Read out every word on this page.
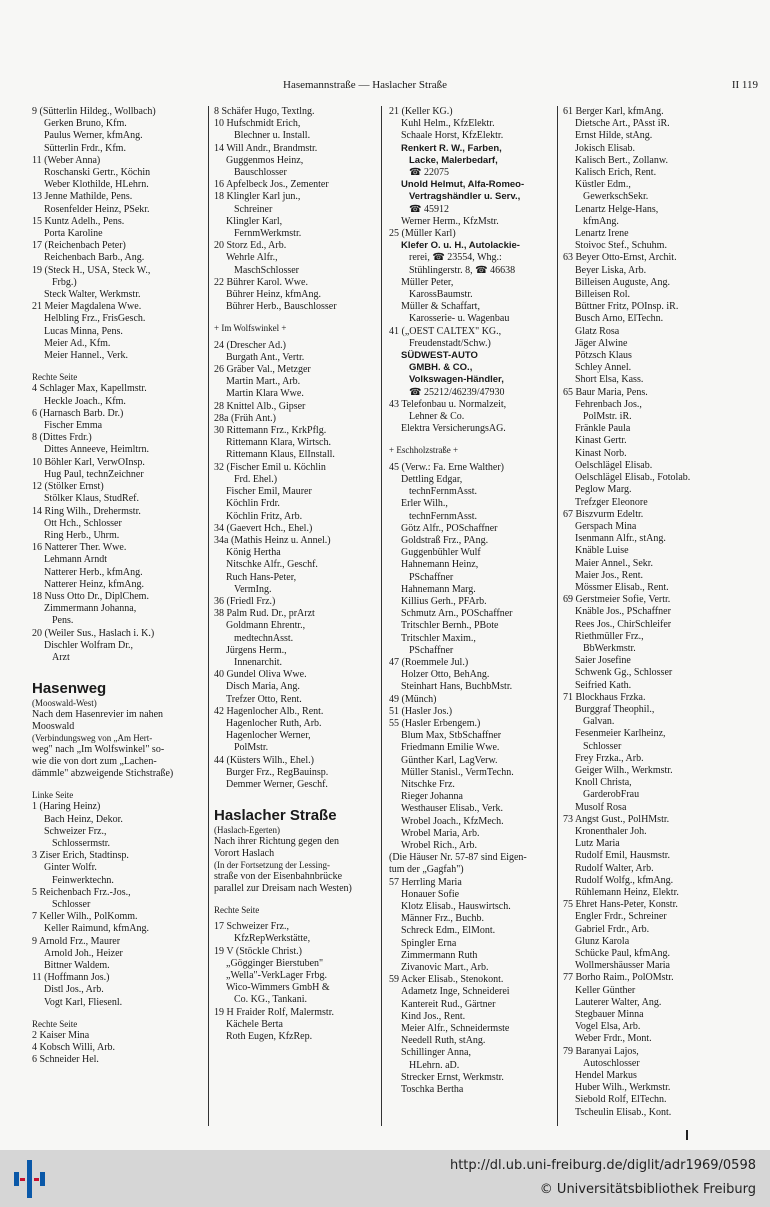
Hasemannstraße — Haslacher Straße	II 119
9 (Sütterlin Hildeg., Wollbach)
Gerken Bruno, Kfm.
Paulus Werner, kfmAng.
Sütterlin Frdr., Kfm.
11 (Weber Anna)
Roschanski Gertr., Köchin
Weber Klothilde, HLehrn.
13 Jenne Mathilde, Pens.
Rosenfelder Heinz, PSekr.
15 Kuntz Adelh., Pens.
Porta Karoline
17 (Reichenbach Peter)
Reichenbach Barb., Ang.
19 (Steck H., USA, Steck W.,
Frbg.)
Steck Walter, Werkmstr.
21 Meier Magdalena Wwe.
Helbling Frz., FrisGesch.
Lucas Minna, Pens.
Meier Ad., Kfm.
Meier Hannel., Verk.
Rechte Seite
4 Schlager Max, Kapellmstr.
Heckle Joach., Kfm.
6 (Harnasch Barb. Dr.)
Fischer Emma
8 (Dittes Frdr.)
Dittes Anneeve, Heimltrn.
10 Böhler Karl, VerwOInsp.
Hug Paul, technZeichner
12 (Stölker Ernst)
Stölker Klaus, StudRef.
14 Ring Wilh., Drehermstr.
Ott Hch., Schlosser
Ring Herb., Uhrm.
16 Natterer Ther. Wwe.
Lehmann Arndt
Natterer Herb., kfmAng.
Natterer Heinz, kfmAng.
18 Nuss Otto Dr., DiplChem.
Zimmermann Johanna,
Pens.
20 (Weiler Sus., Haslach i. K.)
Dischler Wolfram Dr.,
Arzt
Hasenweg
(Mooswald-West)
Nach dem Hasenrevier im nahen
Mooswald
(Verbindungsweg von „Am Hert-
weg" nach „Im Wolfswinkel" so-
wie die von dort zum „Lachen-
dämmle" abzweigende Stichstraße)
Linke Seite
1 (Haring Heinz)
Bach Heinz, Dekor.
Schweizer Frz.,
Schlossermstr.
3 Ziser Erich, Stadtinsp.
Ginter Wolfr.
Feinwerktechn.
5 Reichenbach Frz.-Jos.,
Schlosser
7 Keller Wilh., PolKomm.
Keller Raimund, kfmAng.
9 Arnold Frz., Maurer
Arnold Joh., Heizer
Bittner Waldem.
11 (Hoffmann Jos.)
Distl Jos., Arb.
Vogt Karl, Fliesenl.
Rechte Seite
2 Kaiser Mina
4 Kobsch Willi, Arb.
6 Schneider Hel.
8 Schäfer Hugo, Textlng.
10 Hufschmidt Erich,
Blechner u. Install.
14 Will Andr., Brandmstr.
Guggenmos Heinz,
Bauschlosser
16 Apfelbeck Jos., Zementer
18 Klingler Karl jun.,
Schreiner
Klingler Karl,
FernmWerkmstr.
20 Storz Ed., Arb.
Wehrle Alfr.,
MaschSchlosser
22 Bührer Karol. Wwe.
Bührer Heinz, kfmAng.
Bührer Herb., Bauschlosser
+ Im Wolfswinkel +
24 (Drescher Ad.)
Burgath Ant., Vertr.
26 Gräber Val., Metzger
Martin Mart., Arb.
Martin Klara Wwe.
28 Knittel Alb., Gipser
28a (Früh Ant.)
30 Rittemann Frz., KrkPflg.
Rittemann Klara, Wirtsch.
Rittemann Klaus, ElInstall.
32 (Fischer Emil u. Köchlin
Frd. Ehel.)
Fischer Emil, Maurer
Köchlin Frdr.
Köchlin Fritz, Arb.
34 (Gaevert Hch., Ehel.)
34a (Mathis Heinz u. Annel.)
König Hertha
Nitschke Alfr., Geschf.
Ruch Hans-Peter,
VermIng.
36 (Friedl Frz.)
38 Palm Rud. Dr., prArzt
Goldmann Ehrentr.,
medtechnAsst.
Jürgens Herm.,
Innenarchit.
40 Gundel Oliva Wwe.
Disch Maria, Ang.
Trefzer Otto, Rent.
42 Hagenlocher Alb., Rent.
Hagenlocher Ruth, Arb.
Hagenlocher Werner,
PolMstr.
44 (Küsters Wilh., Ehel.)
Burger Frz., RegBauinsp.
Demmer Werner, Geschf.
Haslacher Straße
(Haslach-Egerten)
Nach ihrer Richtung gegen den
Vorort Haslach
(In der Fortsetzung der Lessing-
straße von der Eisenbahnbrücke
parallel zur Dreisam nach Westen)
Rechte Seite
17 Schweizer Frz.,
KfzRepWerkstätte,
19 V (Stöckle Christ.)
„Gögginger Bierstuben"
„Wella"-VerkLager Frbg.
Wico-Wimmers GmbH &
Co. KG., Tankani.
19 H Fraider Rolf, Malermstr.
Kächele Berta
Roth Eugen, KfzRep.
21 (Keller KG.)
Kuhl Helm., KfzElektr.
Schaale Horst, KfzElektr.
Renkert R. W., Farben,
Lacke, Malerbedarf,
☎ 22075
Unold Helmut, Alfa-Romeo-
Vertragshändler u. Serv.,
☎ 45912
Werner Herm., KfzMstr.
25 (Müller Karl)
Klefer O. u. H., Autolackie-
rerei, ☎ 23554, Whg.:
Stühlingerstr. 8, ☎ 46638
Müller Peter,
KarossBaumstr.
Müller & Schaffart,
Karosserie- u. Wagenbau
41 („OEST CALTEX" KG.,
Freudenstadt/Schw.)
SÜDWEST-AUTO
GMBH. & CO.,
Volkswagen-Händler,
☎ 25212/46239/47930
43 Telefonbau u. Normalzeit,
Lehner & Co.
Elektra VersicherungsAG.
+ Eschholzstraße +
45 (Verw.: Fa. Erne Walther)
Dettling Edgar,
technFernmAsst.
Erler Wilh.,
technFernmAsst.
Götz Alfr., POSchaffner
Goldstraß Frz., PAng.
Guggenbühler Wulf
Hahnemann Heinz,
PSchaffner
Hahnemann Marg.
Killius Gerh., PFArb.
Schmutz Arn., POSchaffner
Tritschler Bernh., PBote
Tritschler Maxim.,
PSchaffner
47 (Roemmele Jul.)
Holzer Otto, BehAng.
Steinhart Hans, BuchbMstr.
49 (Münch)
51 (Hasler Jos.)
55 (Hasler Erbengem.)
Blum Max, StbSchaffner
Friedmann Emilie Wwe.
Günther Karl, LagVerw.
Müller Stanisl., VermTechn.
Nitschke Frz.
Rieger Johanna
Westhauser Elisab., Verk.
Wrobel Joach., KfzMech.
Wrobel Maria, Arb.
Wrobel Rich., Arb.
(Die Häuser Nr. 57-87 sind Eigen-
tum der „Gagfah")
57 Herrling Maria
Honauer Sofie
Klotz Elisab., Hauswirtsch.
Männer Frz., Buchb.
Schreck Edm., ElMont.
Spingler Erna
Zimmermann Ruth
Zivanovic Mart., Arb.
59 Acker Elisab., Stenokont.
Adametz Inge, Schneiderei
Kantereit Rud., Gärtner
Kind Jos., Rent.
Meier Alfr., Schneidermste
Needell Ruth, stAng.
Schillinger Anna,
HLehrn. aD.
Strecker Ernst, Werkmstr.
Toschka Bertha
61 Berger Karl, kfmAng.
Dietsche Art., PAsst iR.
Ernst Hilde, stAng.
Jokisch Elisab.
Kalisch Bert., Zollanw.
Kalisch Erich, Rent.
Küstler Edm.,
GewerkschSekr.
Lenartz Helge-Hans,
kfmAng.
Lenartz Irene
Stoivoc Stef., Schuhm.
63 Beyer Otto-Ernst, Archit.
Beyer Liska, Arb.
Billeisen Auguste, Ang.
Billeisen Rol.
Büttner Fritz, POInsp. iR.
Busch Arno, ElTechn.
Glatz Rosa
Jäger Alwine
Pötzsch Klaus
Schley Annel.
Short Elsa, Kass.
65 Baur Maria, Pens.
Fehrenbach Jos.,
PolMstr. iR.
Fränkle Paula
Kinast Gertr.
Kinast Norb.
Oelschlägel Elisab.
Oelschlägel Elisab., Fotolab.
Peglow Marg.
Trefzger Eleonore
67 Biszvurm Edeltr.
Gerspach Mina
Isenmann Alfr., stAng.
Knäble Luise
Maier Annel., Sekr.
Maier Jos., Rent.
Mössmer Elisab., Rent.
69 Gerstmeier Sofie, Vertr.
Knäble Jos., PSchaffner
Rees Jos., ChirSchleifer
Riethmüller Frz.,
BbWerkmstr.
Saier Josefine
Schwenk Gg., Schlosser
Seifried Kath.
71 Blockhaus Frzka.
Burggraf Theophil.,
Galvan.
Fesenmeier Karlheinz,
Schlosser
Frey Frzka., Arb.
Geiger Wilh., Werkmstr.
Knoll Christa,
GarderobFrau
Musolf Rosa
73 Angst Gust., PolHMstr.
Kronenthaler Joh.
Lutz Maria
Rudolf Emil, Hausmstr.
Rudolf Walter, Arb.
Rudolf Wolfg., kfmAng.
Rühlemann Heinz, Elektr.
75 Ehret Hans-Peter, Konstr.
Engler Frdr., Schreiner
Gabriel Frdr., Arb.
Glunz Karola
Schücke Paul, kfmAng.
Wollmershäusser Maria
77 Borho Raim., PolOMstr.
Keller Günther
Lauterer Walter, Ang.
Stegbauer Minna
Vogel Elsa, Arb.
Weber Frdr., Mont.
79 Baranyai Lajos,
Autoschlosser
Hendel Markus
Huber Wilh., Werkmstr.
Siebold Rolf, ElTechn.
Tscheulin Elisab., Kont.
http://dl.ub.uni-freiburg.de/diglit/adr1969/0598
© Universitätsbibliothek Freiburg
